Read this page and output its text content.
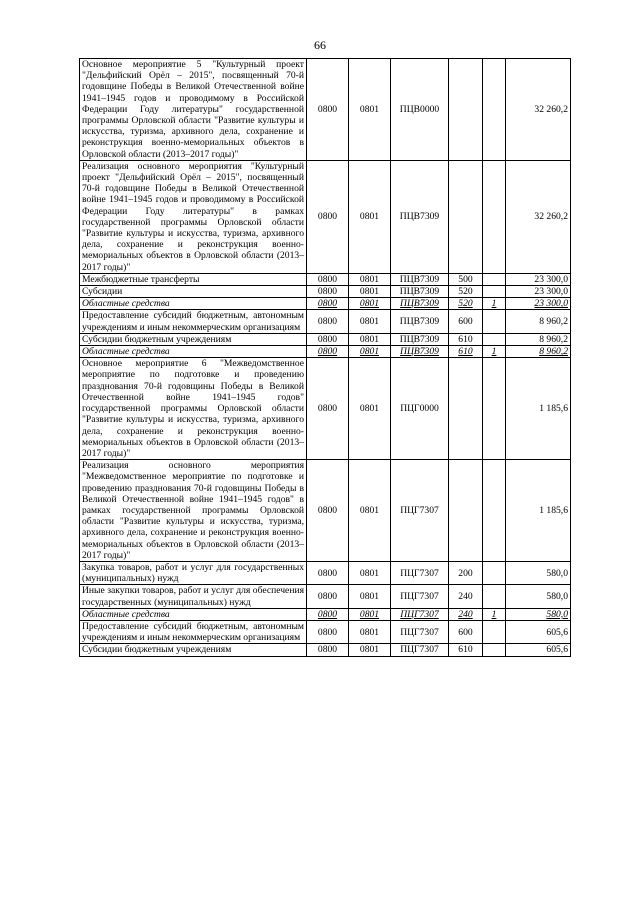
66
Основное мероприятие 5 "Культурный проект "Дельфийский Орёл – 2015", посвященный 70-й годовщине Победы в Великой Отечественной войне 1941–1945 годов и проводимому в Российской Федерации Году литературы" государственной программы Орловской области "Развитие культуры и искусства, туризма, архивного дела, сохранение и реконструкция военно-мемориальных объектов в Орловской области (2013–2017 годы)"	0800	0801	ПЦВ0000			32 260,2
Реализация основного мероприятия "Культурный проект "Дельфийский Орёл – 2015", посвященный 70-й годовщине Победы в Великой Отечественной войне 1941–1945 годов и проводимому в Российской Федерации Году литературы" в рамках государственной программы Орловской области "Развитие культуры и искусства, туризма, архивного дела, сохранение и реконструкция военно-мемориальных объектов в Орловской области (2013–2017 годы)"	0800	0801	ПЦВ7309			32 260,2
Межбюджетные трансферты	0800	0801	ПЦВ7309	500		23 300,0
Субсидии	0800	0801	ПЦВ7309	520		23 300,0
Областные средства	0800	0801	ПЦВ7309	520	1	23 300,0
Предоставление субсидий бюджетным, автономным учреждениям и иным некоммерческим организациям	0800	0801	ПЦВ7309	600		8 960,2
Субсидии бюджетным учреждениям	0800	0801	ПЦВ7309	610		8 960,2
Областные средства	0800	0801	ПЦВ7309	610	1	8 960,2
Основное мероприятие 6 "Межведомственное мероприятие по подготовке и проведению празднования 70-й годовщины Победы в Великой Отечественной войне 1941–1945 годов" государственной программы Орловской области "Развитие культуры и искусства, туризма, архивного дела, сохранение и реконструкция военно-мемориальных объектов в Орловской области (2013–2017 годы)"	0800	0801	ПЦГ0000			1 185,6
Реализация основного мероприятия "Межведомственное мероприятие по подготовке и проведению празднования 70-й годовщины Победы в Великой Отечественной войне 1941–1945 годов" в рамках государственной программы Орловской области "Развитие культуры и искусства, туризма, архивного дела, сохранение и реконструкция военно-мемориальных объектов в Орловской области (2013–2017 годы)"	0800	0801	ПЦГ7307			1 185,6
Закупка товаров, работ и услуг для государственных (муниципальных) нужд	0800	0801	ПЦГ7307	200		580,0
Иные закупки товаров, работ и услуг для обеспечения государственных (муниципальных) нужд	0800	0801	ПЦГ7307	240		580,0
Областные средства	0800	0801	ПЦГ7307	240	1	580,0
Предоставление субсидий бюджетным, автономным учреждениям и иным некоммерческим организациям	0800	0801	ПЦГ7307	600		605,6
Субсидии бюджетным учреждениям	0800	0801	ПЦГ7307	610		605,6
